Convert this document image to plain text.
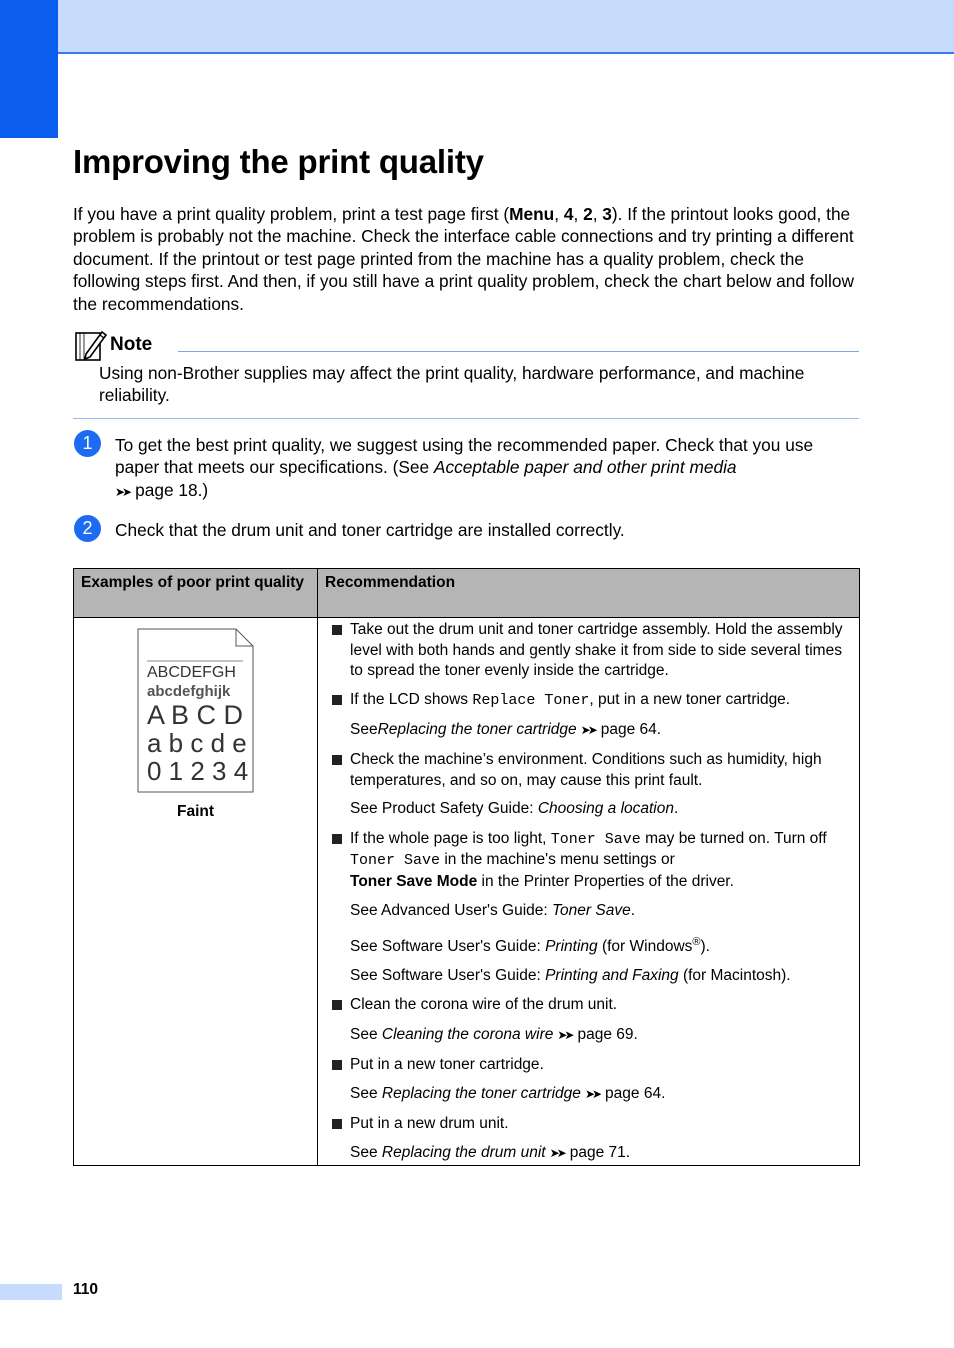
Improving the print quality

If you have a print quality problem, print a test page first (Menu, 4, 2, 3). If the printout looks good, the problem is probably not the machine. Check the interface cable connections and try printing a different document. If the printout or test page printed from the machine has a quality problem, check the following steps first. And then, if you still have a print quality problem, check the chart below and follow the recommendations.

Note

Using non-Brother supplies may affect the print quality, hardware performance, and machine reliability.

1	To get the best print quality, we suggest using the recommended paper. Check that you use paper that meets our specifications. (See Acceptable paper and other print media
➤➤ page 18.)

2	Check that the drum unit and toner cartridge are installed correctly.

Examples of poor print quality Recommendation
ABCDEFGH
abcdefghijk
A B C D
a b c d e
0 1 2 3 4
Faint

Take out the drum unit and toner cartridge assembly. Hold the assembly level with both hands and gently shake it from side to side several times to spread the toner evenly inside the cartridge.

If the LCD shows Replace Toner, put in a new toner cartridge.

SeeReplacing the toner cartridge ➤➤ page 64.

Check the machine’s environment. Conditions such as humidity, high temperatures, and so on, may cause this print fault.

See Product Safety Guide: Choosing a location.

If the whole page is too light, Toner Save may be turned on. Turn off Toner Save in the machine's menu settings or
Toner Save Mode in the Printer Properties of the driver.

See Advanced User's Guide: Toner Save.

See Software User's Guide: Printing (for Windows®).

See Software User's Guide: Printing and Faxing (for Macintosh).

Clean the corona wire of the drum unit.

See Cleaning the corona wire ➤➤ page 69.

Put in a new toner cartridge.

See Replacing the toner cartridge ➤➤ page 64.

Put in a new drum unit.

See Replacing the drum unit ➤➤ page 71.

110
